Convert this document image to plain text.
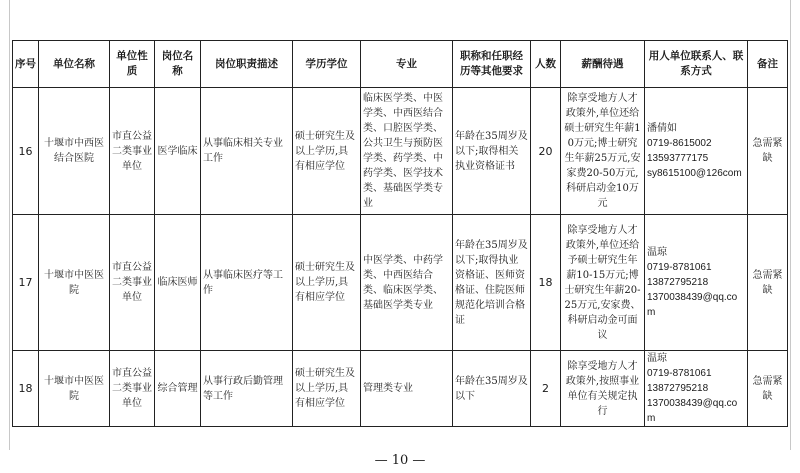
序号	单位名称	单位性质	岗位名称	岗位职责描述	学历学位	专业	职称和任职经历等其他要求	人数	薪酬待遇	用人单位联系人、联系方式	备注
16	十堰市中西医结合医院	市直公益二类事业单位	医学临床	从事临床相关专业工作	硕士研究生及以上学历,具有相应学位	临床医学类、中医学类、中西医结合类、口腔医学类、公共卫生与预防医学类、药学类、中药学类、医学技术类、基础医学类专业	年龄在35周岁及以下;取得相关执业资格证书	20	除享受地方人才政策外,单位还给硕士研究生年薪10万元;博士研究生年薪25万元,安家费20-50万元,科研启动金10万元	潘倩如
0719-8615002
13593777175
sy8615100@126com	急需紧缺
17	十堰市中医医院	市直公益二类事业单位	临床医师	从事临床医疗等工作	硕士研究生及以上学历,具有相应学位	中医学类、中药学类、中西医结合类、临床医学类、基础医学类专业	年龄在35周岁及以下;取得执业资格证、医师资格证、住院医师规范化培训合格证	18	除享受地方人才政策外,单位还给予硕士研究生年薪10-15万元;博士研究生年薪20-25万元,安家费、科研启动金可面议	温琼
0719-8781061
13872795218
1370038439@qq.com	急需紧缺
18	十堰市中医医院	市直公益二类事业单位	综合管理	从事行政后勤管理等工作	硕士研究生及以上学历,具有相应学位	管理类专业	年龄在35周岁及以下	2	除享受地方人才政策外,按照事业单位有关规定执行	温琼
0719-8781061
13872795218
1370038439@qq.com	急需紧缺
— 10 —
